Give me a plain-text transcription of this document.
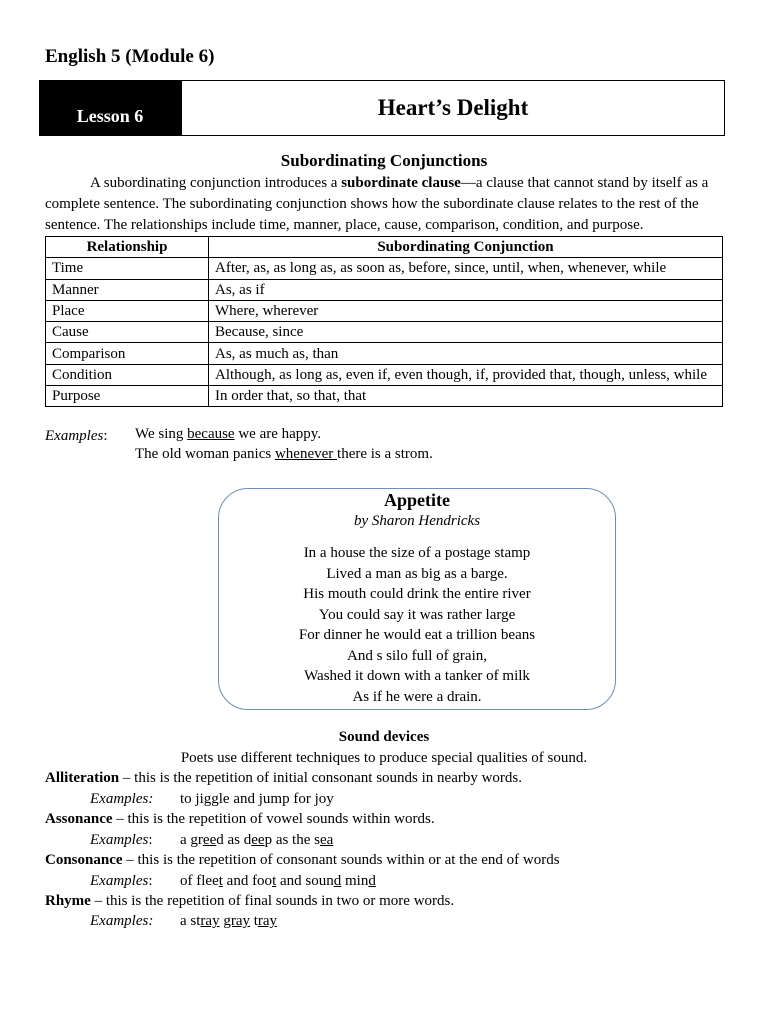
English 5 (Module 6)
Lesson 6	Heart’s Delight
Subordinating Conjunctions
A subordinating conjunction introduces a subordinate clause—a clause that cannot stand by itself as a complete sentence. The subordinating conjunction shows how the subordinate clause relates to the rest of the sentence. The relationships include time, manner, place, cause, comparison, condition, and purpose.
Relationship	Subordinating Conjunction
Time	After, as, as long as, as soon as, before, since, until, when, whenever, while
Manner	As, as if
Place	Where, wherever
Cause	Because, since
Comparison	As, as much as, than
Condition	Although, as long as, even if, even though, if, provided that, though, unless, while
Purpose	In order that, so that, that
Examples: We sing because we are happy.
The old woman panics whenever there is a strom.
Appetite
by Sharon Hendricks
In a house the size of a postage stamp
Lived a man as big as a barge.
His mouth could drink the entire river
You could say it was rather large
For dinner he would eat a trillion beans
And s silo full of grain,
Washed it down with a tanker of milk
As if he were a drain.
Sound devices
Poets use different techniques to produce special qualities of sound.
Alliteration – this is the repetition of initial consonant sounds in nearby words.
Examples: to jiggle and jump for joy
Assonance – this is the repetition of vowel sounds within words.
Examples: a greed as deep as the sea
Consonance – this is the repetition of consonant sounds within or at the end of words
Examples: of fleet and foot and sound mind
Rhyme – this is the repetition of final sounds in two or more words.
Examples: a stray gray tray
